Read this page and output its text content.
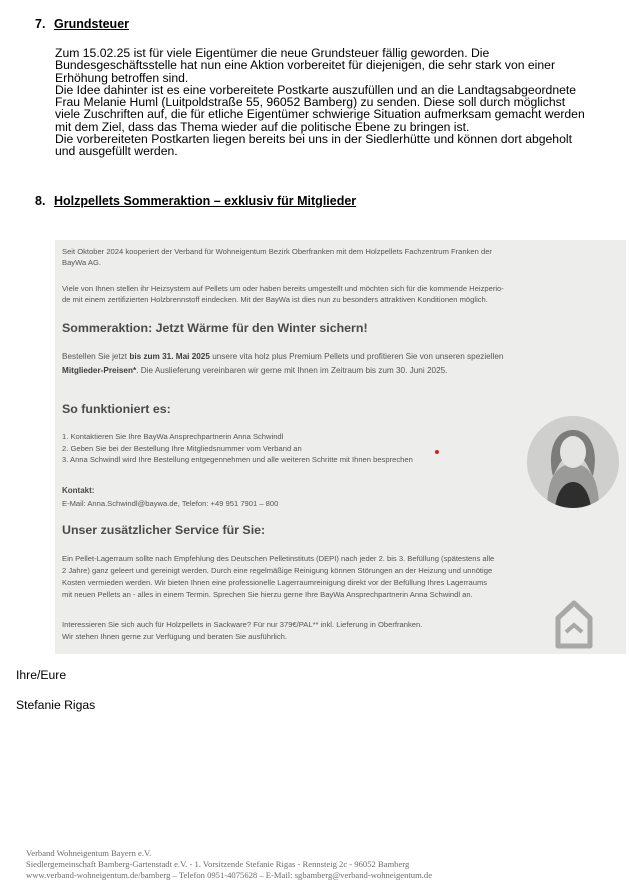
7. Grundsteuer

Zum 15.02.25 ist für viele Eigentümer die neue Grundsteuer fällig geworden. Die
Bundesgeschäftsstelle hat nun eine Aktion vorbereitet für diejenigen, die sehr stark von einer
Erhöhung betroffen sind.

Die Idee dahinter ist es eine vorbereitete Postkarte auszufüllen und an die Landtagsabgeordnete
Frau Melanie Huml (Luitpoldstraße 55, 96052 Bamberg) zu senden. Diese soll durch möglichst
viele Zuschriften auf, die für etliche Eigentümer schwierige Situation aufmerksam gemacht werden
mit dem Ziel, dass das Thema wieder auf die politische Ebene zu bringen ist.

Die vorbereiteten Postkarten liegen bereits bei uns in der Siedlerhütte und können dort abgeholt
und ausgefüllt werden.

8. Holzpellets Sommeraktion – exklusiv für Mitglieder
Seit Oktober 2024 kooperiert der Verband für Wohneigentum Bezirk Oberfranken mit dem Holzpellets Fachzentrum Franken der
BayWa AG.
Viele von Ihnen stellen ihr Heizsystem auf Pellets um oder haben bereits umgestellt und möchten sich für die kommende Heizperio-
de mit einem zertifizierten Holzbrennstoff eindecken. Mit der BayWa ist dies nun zu besonders attraktiven Konditionen möglich.
Sommeraktion: Jetzt Wärme für den Winter sichern!
Bestellen Sie jetzt bis zum 31. Mai 2025 unsere vita holz plus Premium Pellets und profitieren Sie von unseren speziellen
Mitglieder-Preisen*. Die Auslieferung vereinbaren wir gerne mit Ihnen im Zeitraum bis zum 30. Juni 2025.
So funktioniert es:
1. Kontaktieren Sie Ihre BayWa Ansprechpartnerin Anna Schwindl
2. Geben Sie bei der Bestellung Ihre Mitgliedsnummer vom Verband an
3. Anna Schwindl wird Ihre Bestellung entgegennehmen und alle weiteren Schritte mit Ihnen besprechen
Kontakt:
E-Mail: Anna.Schwindl@baywa.de, Telefon: +49 951 7901 – 800
Unser zusätzlicher Service für Sie:
Ein Pellet-Lagerraum sollte nach Empfehlung des Deutschen Pelletinstituts (DEPI) nach jeder 2. bis 3. Befüllung (spätestens alle
2 Jahre) ganz geleert und gereinigt werden. Durch eine regelmäßige Reinigung können Störungen an der Heizung und unnötige
Kosten vermieden werden. Wir bieten Ihnen eine professionelle Lagerraumreinigung direkt vor der Befüllung Ihres Lagerraums
mit neuen Pellets an - alles in einem Termin. Sprechen Sie hierzu gerne Ihre BayWa Ansprechpartnerin Anna Schwindl an.
Interessieren Sie sich auch für Holzpellets in Sackware? Für nur 379€/PAL** inkl. Lieferung in Oberfranken.
Wir stehen Ihnen gerne zur Verfügung und beraten Sie ausführlich.
Ihre/Eure
Stefanie Rigas
Verband Wohneigentum Bayern e.V.
Siedlergemeinschaft Bamberg-Gartenstadt e.V. - 1. Vorsitzende Stefanie Rigas - Rennsteig 2c - 96052 Bamberg
www.verband-wohneigentum.de/bamberg – Telefon 0951-4075628 – E-Mail: sgbamberg@verband-wohneigentum.de
